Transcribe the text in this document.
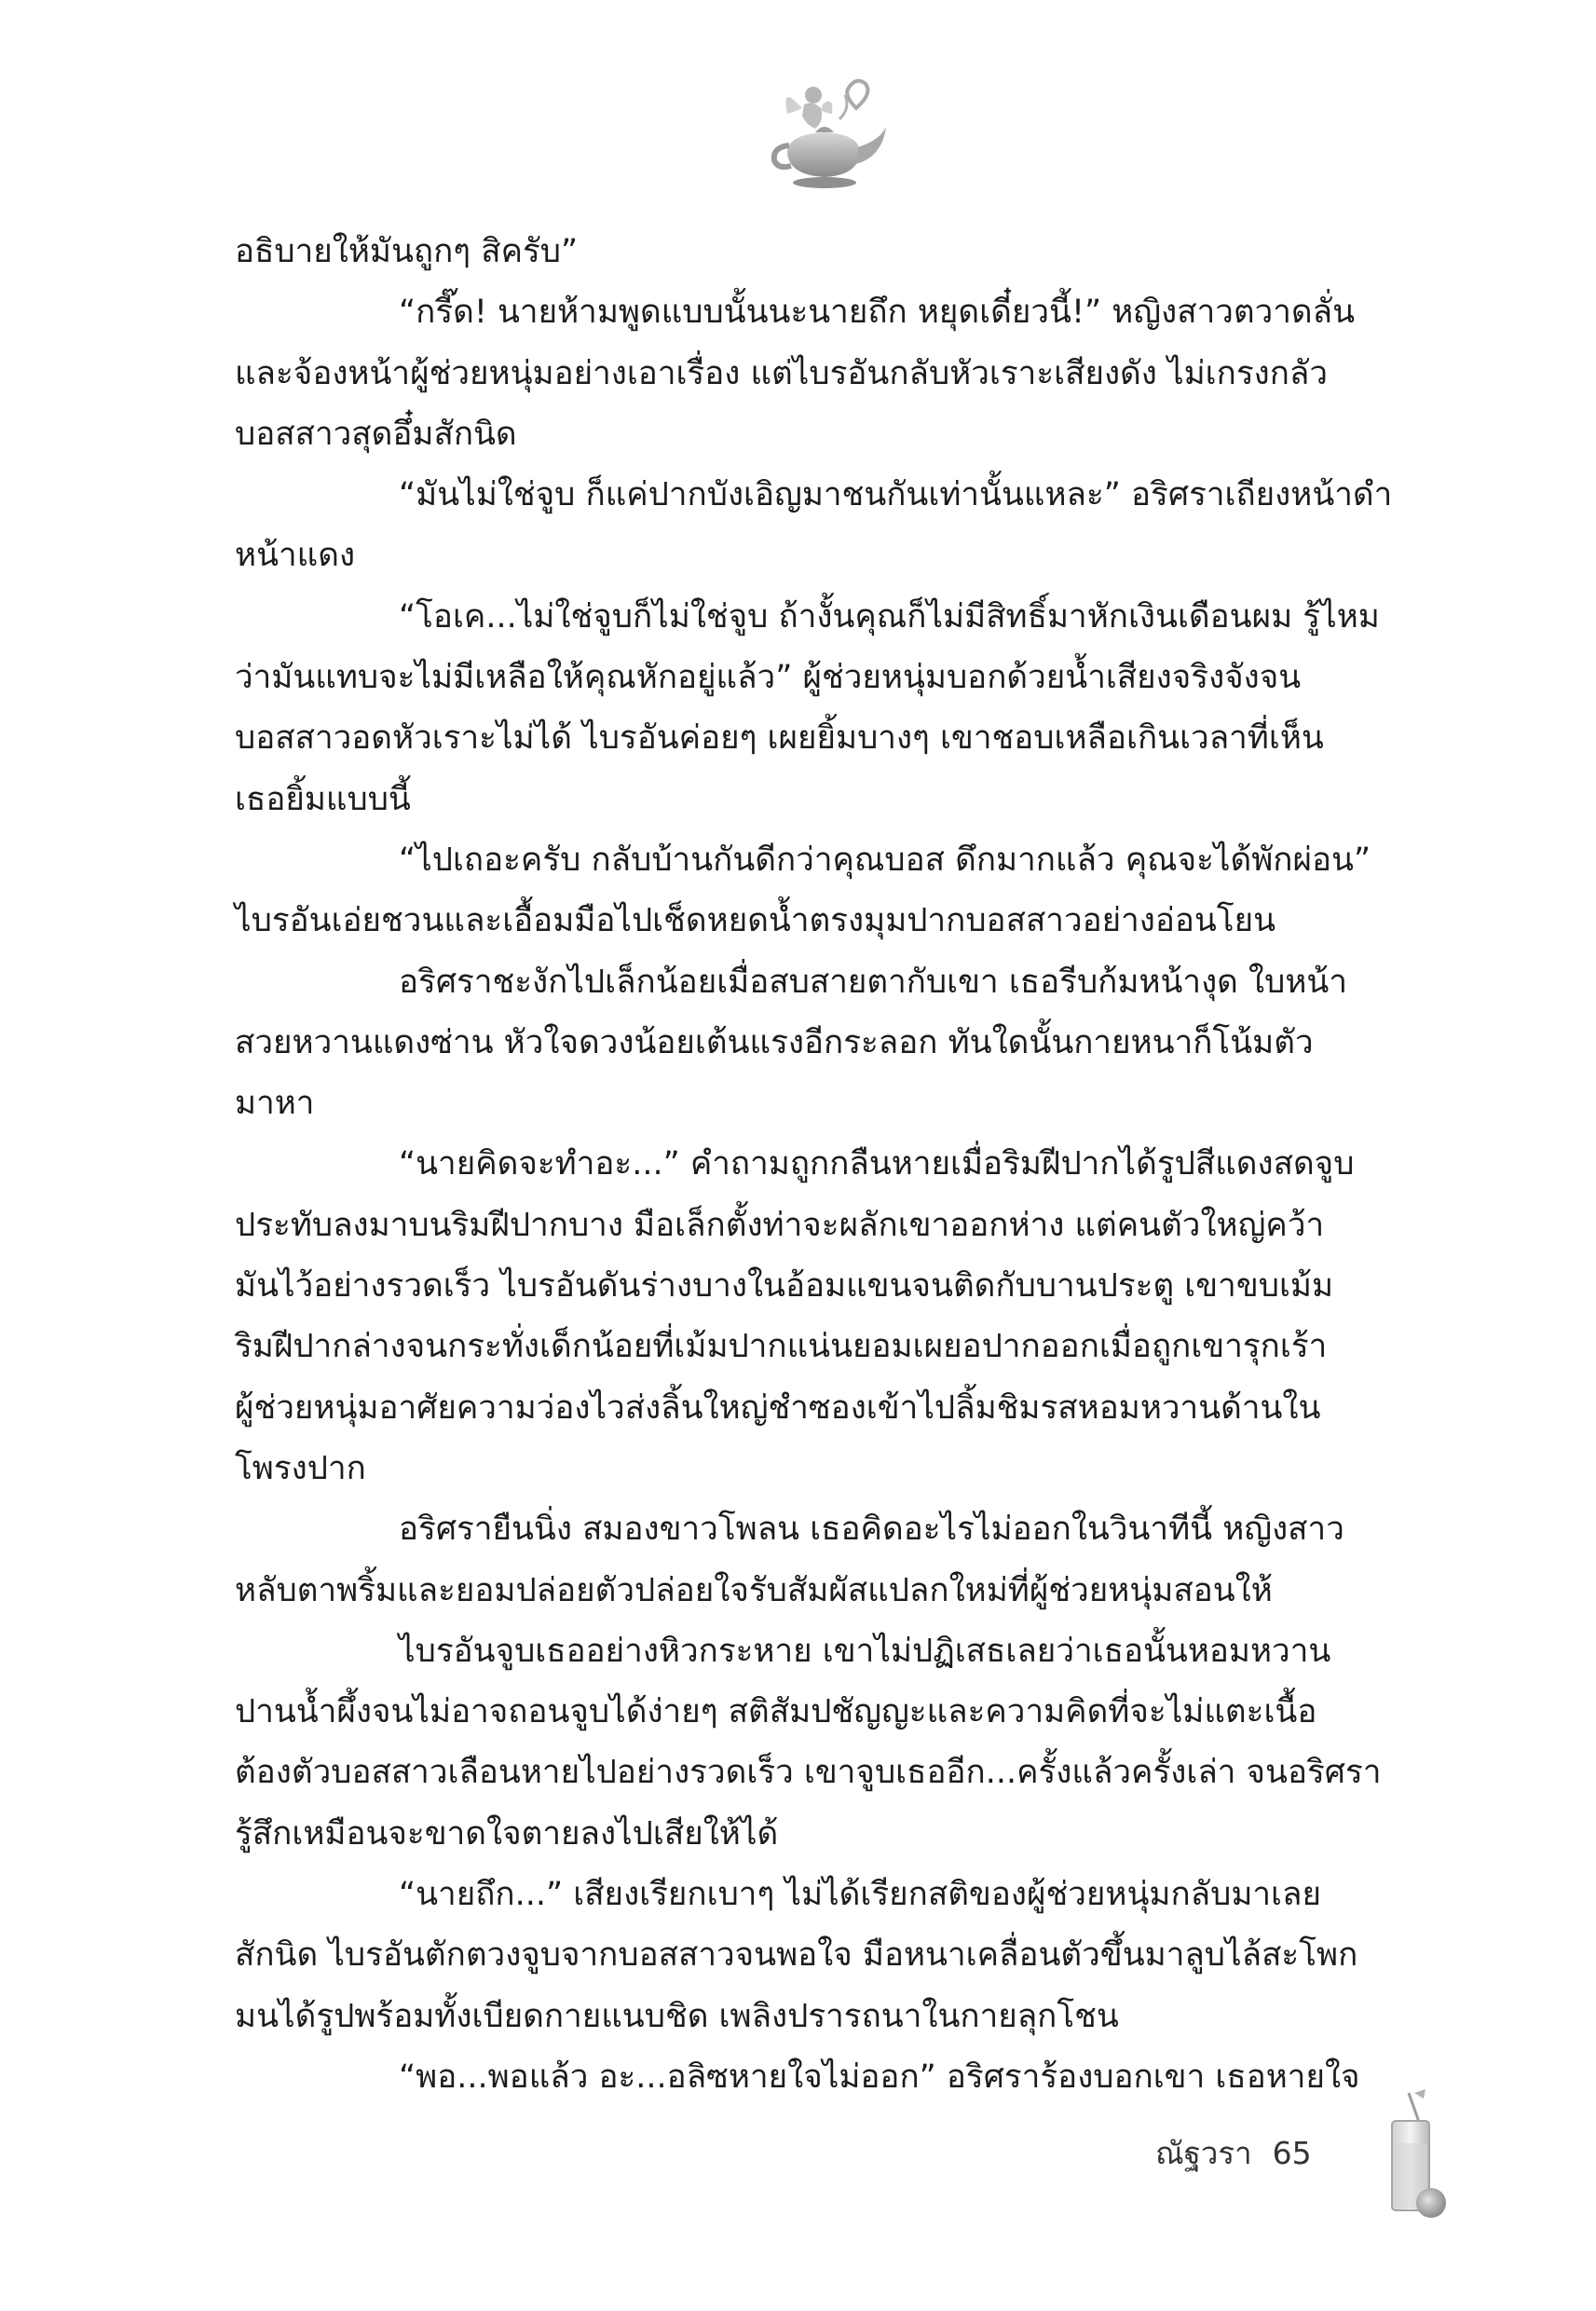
อธิบายให้มันถูกๆ สิครับ”

“กรี๊ด! นายห้ามพูดแบบนั้นนะนายถึก หยุดเดี๋ยวนี้!” หญิงสาวตวาดลั่น

และจ้องหน้าผู้ช่วยหนุ่มอย่างเอาเรื่อง แต่ไบรอันกลับหัวเราะเสียงดัง ไม่เกรงกลัว

บอสสาวสุดอึ๋มสักนิด

“มันไม่ใช่จูบ ก็แค่ปากบังเอิญมาชนกันเท่านั้นแหละ” อริศราเถียงหน้าดำ

หน้าแดง

“โอเค...ไม่ใช่จูบก็ไม่ใช่จูบ ถ้างั้นคุณก็ไม่มีสิทธิ์มาหักเงินเดือนผม รู้ไหม

ว่ามันแทบจะไม่มีเหลือให้คุณหักอยู่แล้ว” ผู้ช่วยหนุ่มบอกด้วยน้ำเสียงจริงจังจน

บอสสาวอดหัวเราะไม่ได้ ไบรอันค่อยๆ เผยยิ้มบางๆ เขาชอบเหลือเกินเวลาที่เห็น

เธอยิ้มแบบนี้

“ไปเถอะครับ กลับบ้านกันดีกว่าคุณบอส ดึกมากแล้ว คุณจะได้พักผ่อน”

ไบรอันเอ่ยชวนและเอื้อมมือไปเช็ดหยดน้ำตรงมุมปากบอสสาวอย่างอ่อนโยน

อริศราชะงักไปเล็กน้อยเมื่อสบสายตากับเขา เธอรีบก้มหน้างุด ใบหน้า

สวยหวานแดงซ่าน หัวใจดวงน้อยเต้นแรงอีกระลอก ทันใดนั้นกายหนาก็โน้มตัว

มาหา

“นายคิดจะทำอะ...” คำถามถูกกลืนหายเมื่อริมฝีปากได้รูปสีแดงสดจูบ

ประทับลงมาบนริมฝีปากบาง มือเล็กตั้งท่าจะผลักเขาออกห่าง แต่คนตัวใหญ่คว้า

มันไว้อย่างรวดเร็ว ไบรอันดันร่างบางในอ้อมแขนจนติดกับบานประตู เขาขบเม้ม

ริมฝีปากล่างจนกระทั่งเด็กน้อยที่เม้มปากแน่นยอมเผยอปากออกเมื่อถูกเขารุกเร้า

ผู้ช่วยหนุ่มอาศัยความว่องไวส่งลิ้นใหญ่ชำซองเข้าไปลิ้มชิมรสหอมหวานด้านใน

โพรงปาก

อริศรายืนนิ่ง สมองขาวโพลน เธอคิดอะไรไม่ออกในวินาทีนี้ หญิงสาว

หลับตาพริ้มและยอมปล่อยตัวปล่อยใจรับสัมผัสแปลกใหม่ที่ผู้ช่วยหนุ่มสอนให้

ไบรอันจูบเธออย่างหิวกระหาย เขาไม่ปฏิเสธเลยว่าเธอนั้นหอมหวาน

ปานน้ำผึ้งจนไม่อาจถอนจูบได้ง่ายๆ สติสัมปชัญญะและความคิดที่จะไม่แตะเนื้อ

ต้องตัวบอสสาวเลือนหายไปอย่างรวดเร็ว เขาจูบเธออีก...ครั้งแล้วครั้งเล่า จนอริศรา

รู้สึกเหมือนจะขาดใจตายลงไปเสียให้ได้

“นายถึก...” เสียงเรียกเบาๆ ไม่ได้เรียกสติของผู้ช่วยหนุ่มกลับมาเลย

สักนิด ไบรอันตักตวงจูบจากบอสสาวจนพอใจ มือหนาเคลื่อนตัวขึ้นมาลูบไล้สะโพก

มนได้รูปพร้อมทั้งเบียดกายแนบชิด เพลิงปรารถนาในกายลุกโชน

“พอ...พอแล้ว อะ...อลิซหายใจไม่ออก” อริศราร้องบอกเขา เธอหายใจ

ณัฐวรา 65
